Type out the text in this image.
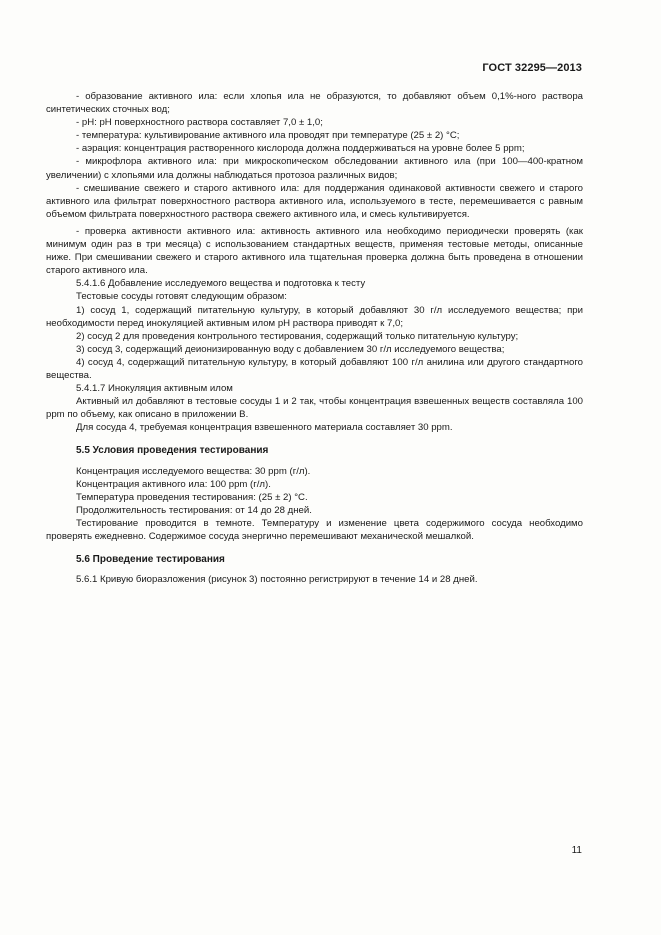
ГОСТ 32295—2013

- образование активного ила: если хлопья ила не образуются, то добавляют объем 0,1%-ного раствора синтетических сточных вод;

- pH: pH поверхностного раствора составляет 7,0 ± 1,0;

- температура: культивирование активного ила проводят при температуре (25 ± 2) °C;

- аэрация: концентрация растворенного кислорода должна поддерживаться на уровне более 5 ppm;

- микрофлора активного ила: при микроскопическом обследовании активного ила (при 100—400-кратном увеличении) с хлопьями ила должны наблюдаться протозоа различных видов;

- смешивание свежего и старого активного ила: для поддержания одинаковой активности свежего и старого активного ила фильтрат поверхностного раствора активного ила, используемого в тесте, перемешивается с равным объемом фильтрата поверхностного раствора свежего активного ила, и смесь культивируется.

- проверка активности активного ила: активность активного ила необходимо периодически проверять (как минимум один раз в три месяца) с использованием стандартных веществ, применяя тестовые методы, описанные ниже. При смешивании свежего и старого активного ила тщательная проверка должна быть проведена в отношении старого активного ила.

5.4.1.6 Добавление исследуемого вещества и подготовка к тесту

Тестовые сосуды готовят следующим образом:

1) сосуд 1, содержащий питательную культуру, в который добавляют 30 г/л исследуемого вещества; при необходимости перед инокуляцией активным илом pH раствора приводят к 7,0;

2) сосуд 2 для проведения контрольного тестирования, содержащий только питательную культуру;

3) сосуд 3, содержащий деионизированную воду с добавлением 30 г/л исследуемого вещества;

4) сосуд 4, содержащий питательную культуру, в который добавляют 100 г/л анилина или другого стандартного вещества.

5.4.1.7 Инокуляция активным илом

Активный ил добавляют в тестовые сосуды 1 и 2 так, чтобы концентрация взвешенных веществ составляла 100 ppm по объему, как описано в приложении В.

Для сосуда 4, требуемая концентрация взвешенного материала составляет 30 ppm.

5.5 Условия проведения тестирования

Концентрация исследуемого вещества: 30 ppm (г/л).

Концентрация активного ила: 100 ppm (г/л).

Температура проведения тестирования: (25 ± 2) °C.

Продолжительность тестирования: от 14 до 28 дней.

Тестирование проводится в темноте. Температуру и изменение цвета содержимого сосуда необходимо проверять ежедневно. Содержимое сосуда энергично перемешивают механической мешалкой.

5.6 Проведение тестирования

5.6.1 Кривую биоразложения (рисунок 3) постоянно регистрируют в течение 14 и 28 дней.

11
